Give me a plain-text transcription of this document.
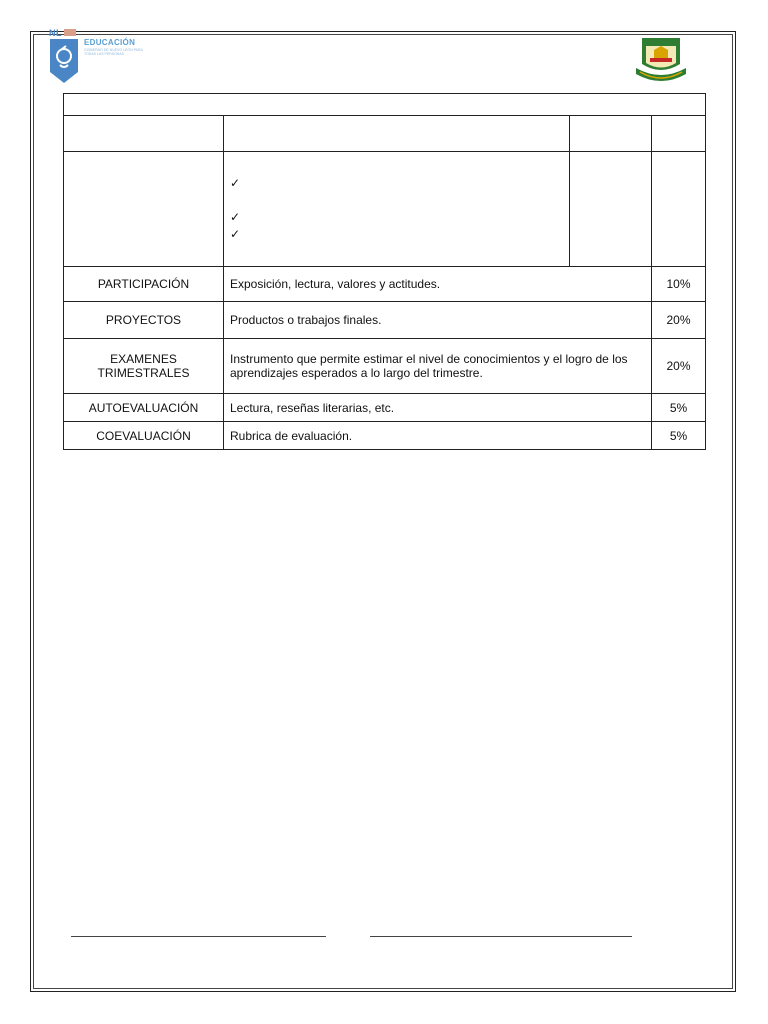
NL
EDUCACIÓN
GOBIERNO DE NUEVO LEÓN PARA TODAS LAS PERSONAS

	✓
✓
✓		

PARTICIPACIÓN	Exposición, lectura, valores y actitudes.		10%
PROYECTOS	Productos o trabajos finales.		20%

EXAMENES
TRIMESTRALES	Instrumento que permite estimar el nivel de conocimientos y el logro de los aprendizajes esperados a lo largo del trimestre.		20%
AUTOEVALUACIÓN	Lectura, reseñas literarias, etc.		5%
COEVALUACIÓN	Rubrica de evaluación.		5%
